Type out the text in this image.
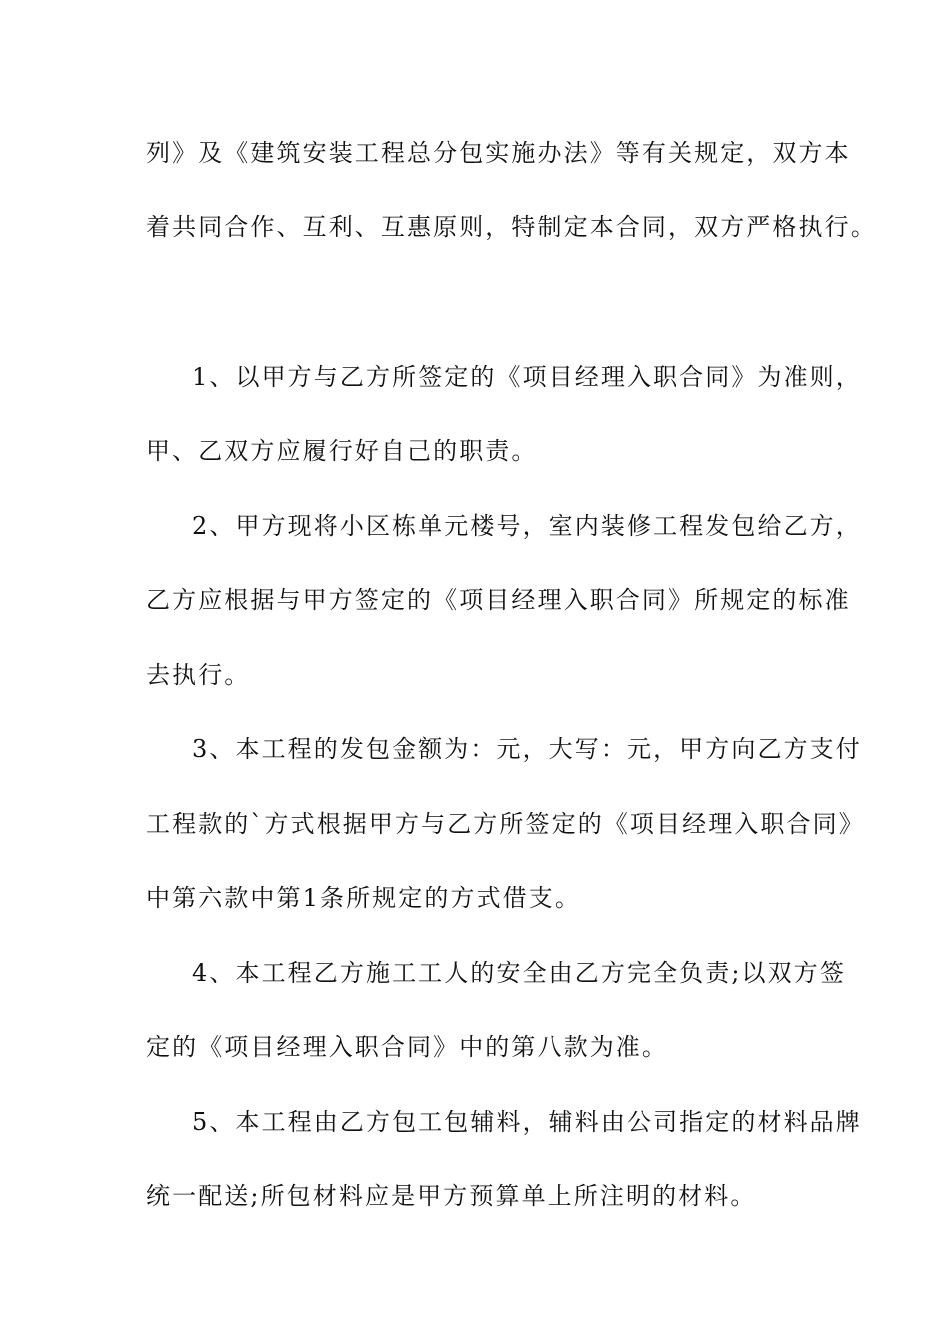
列》及《建筑安装工程总分包实施办法》等有关规定，双方本
着共同合作、互利、互惠原则，特制定本合同，双方严格执行。
1、以甲方与乙方所签定的《项目经理入职合同》为准则，
甲、乙双方应履行好自己的职责。
2、甲方现将小区栋单元楼号，室内装修工程发包给乙方，
乙方应根据与甲方签定的《项目经理入职合同》所规定的标准
去执行。
3、本工程的发包金额为：元，大写：元，甲方向乙方支付
工程款的`方式根据甲方与乙方所签定的《项目经理入职合同》
中第六款中第1条所规定的方式借支。
4、本工程乙方施工工人的安全由乙方完全负责;以双方签
定的《项目经理入职合同》中的第八款为准。
5、本工程由乙方包工包辅料，辅料由公司指定的材料品牌
统一配送;所包材料应是甲方预算单上所注明的材料。
